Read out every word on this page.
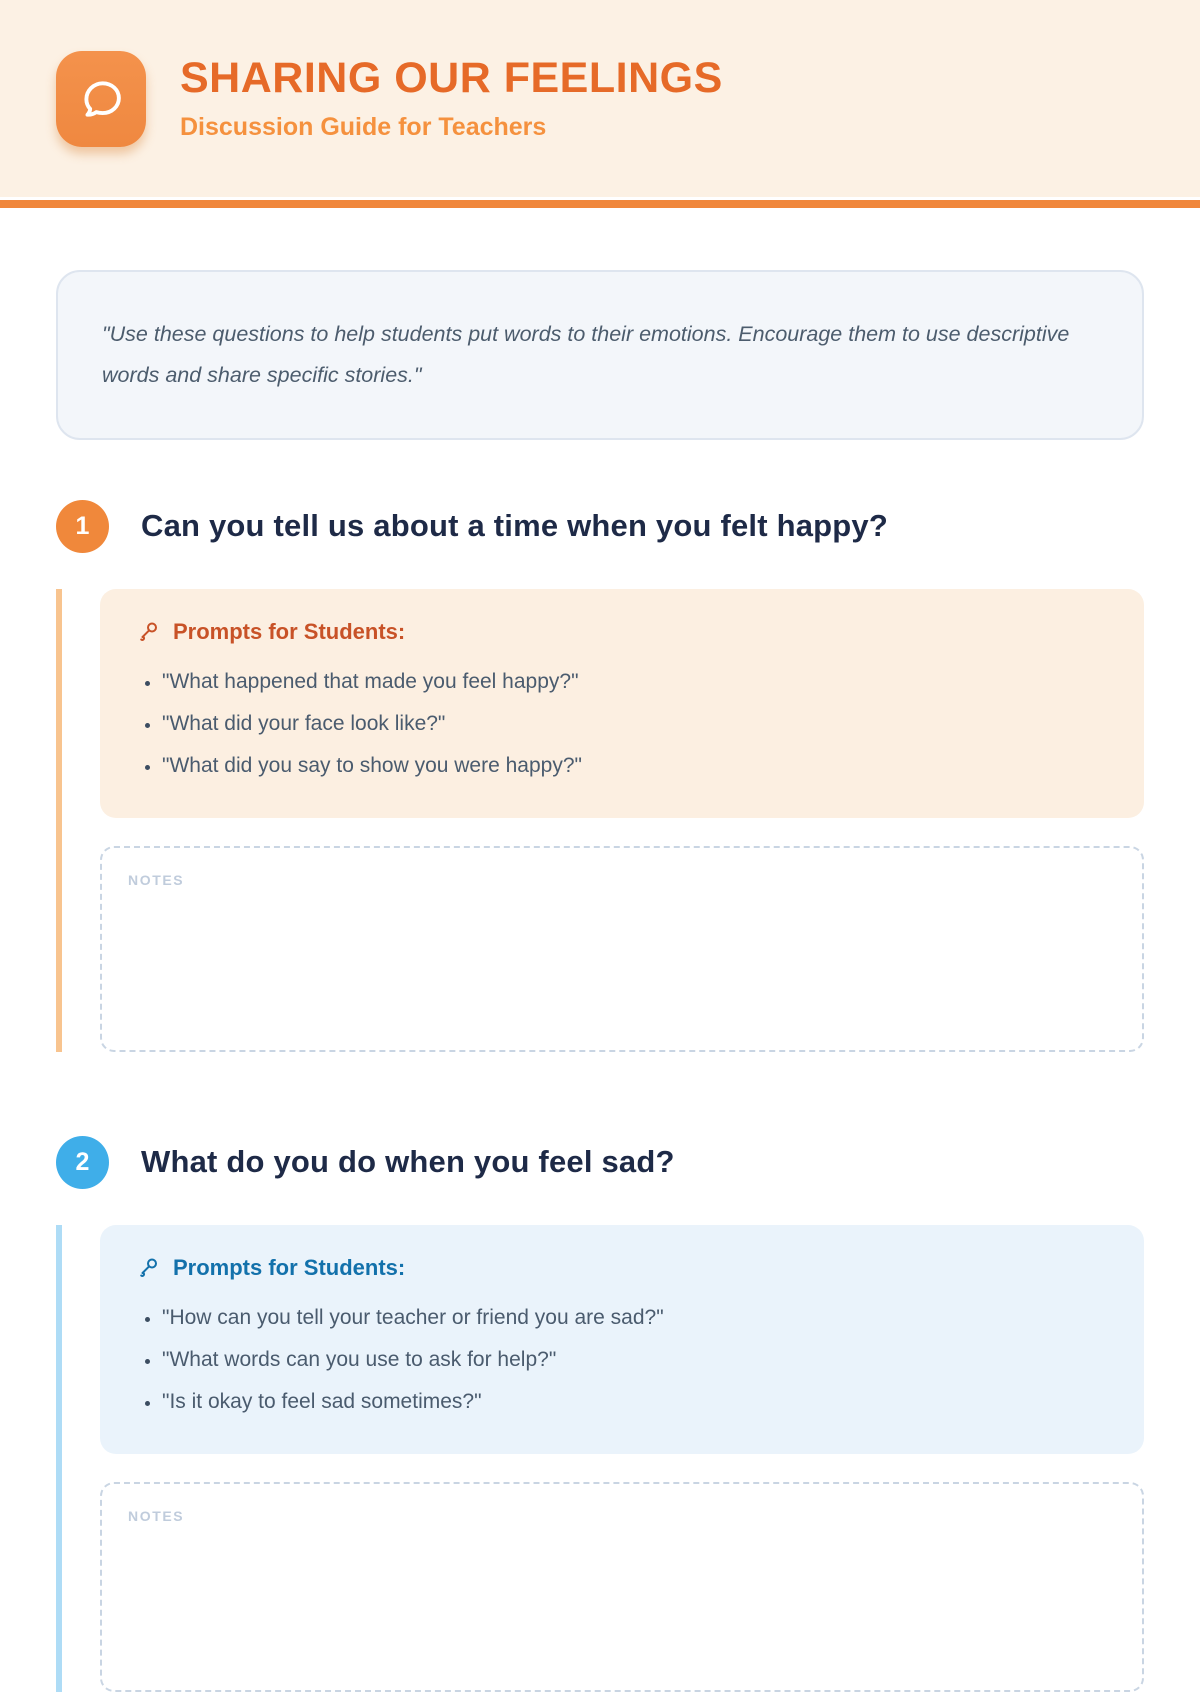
SHARING OUR FEELINGS
Discussion Guide for Teachers

"Use these questions to help students put words to their emotions. Encourage them to use descriptive words and share specific stories."

1	Can you tell us about a time when you felt happy?
Prompts for Students:
• "What happened that made you feel happy?"
• "What did your face look like?"
• "What did you say to show you were happy?"
NOTES
2	What do you do when you feel sad?
Prompts for Students:
• "How can you tell your teacher or friend you are sad?"
• "What words can you use to ask for help?"
• "Is it okay to feel sad sometimes?"
NOTES
